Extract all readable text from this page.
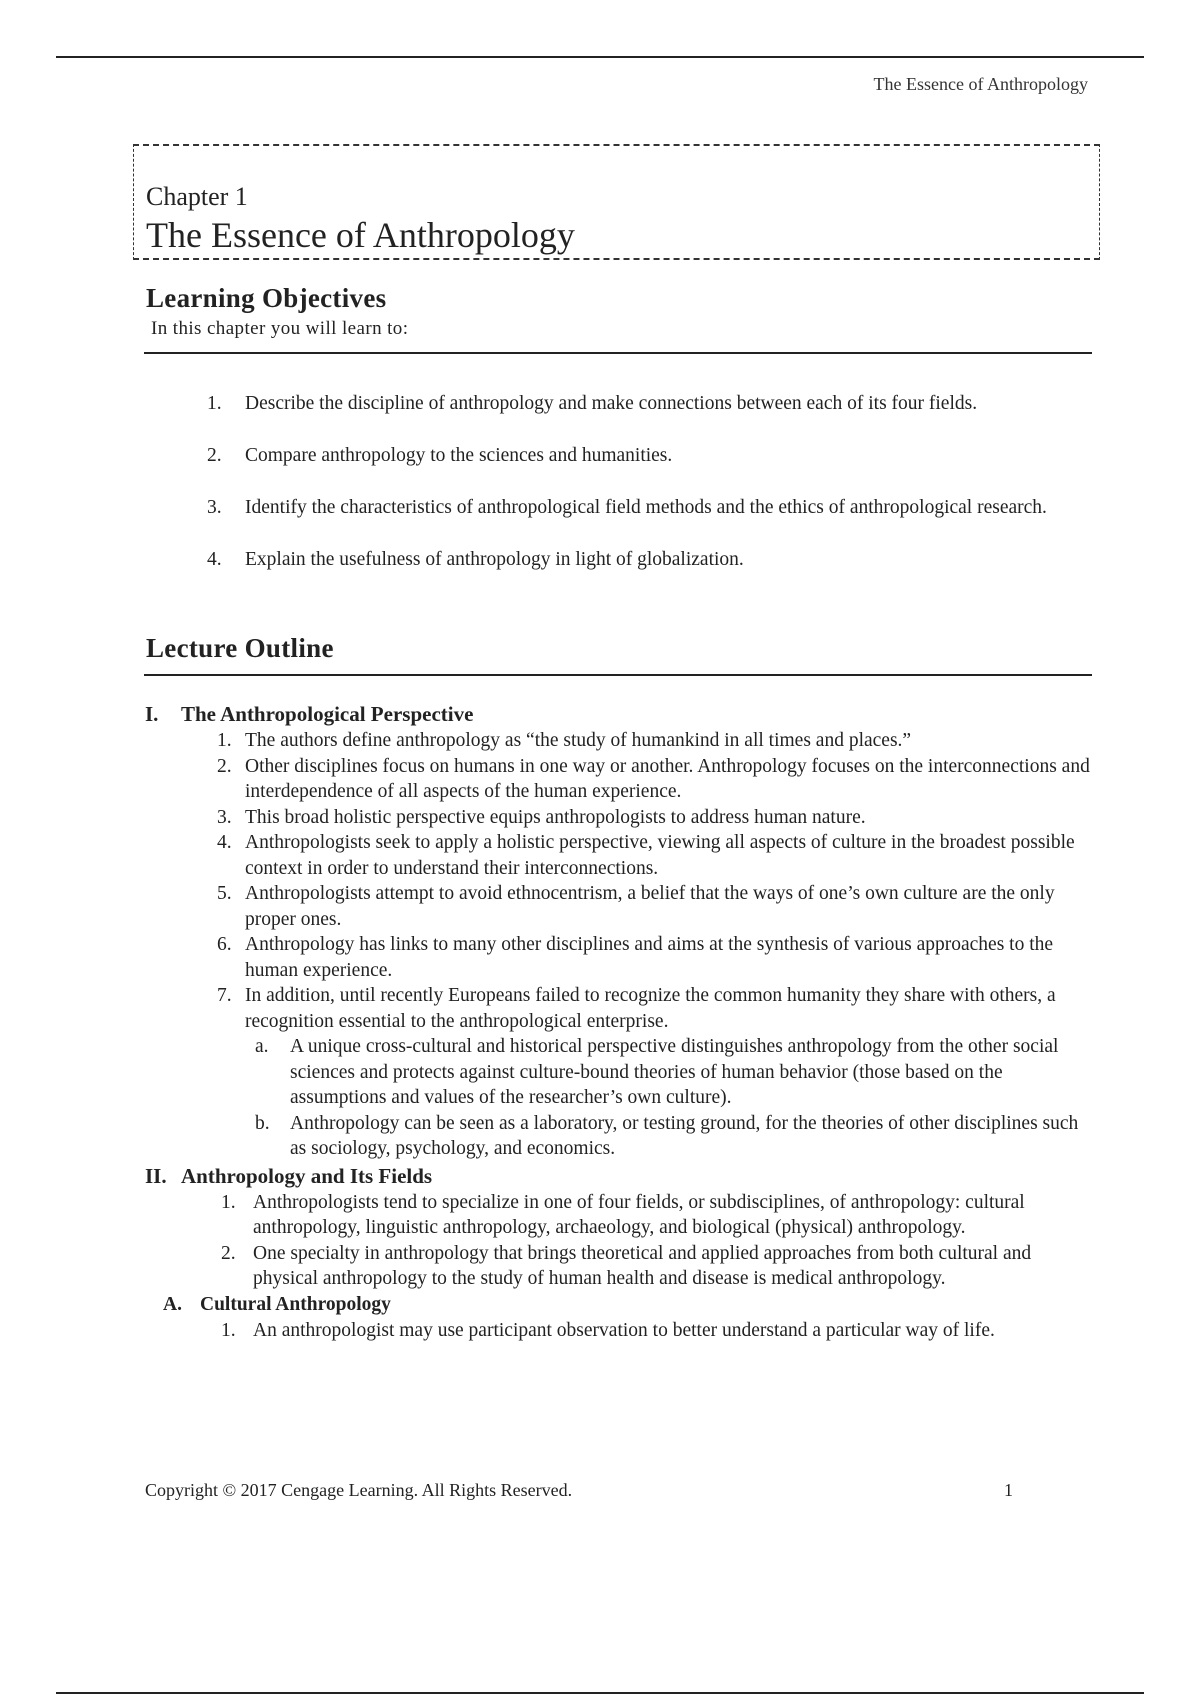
The Essence of Anthropology
Chapter 1
The Essence of Anthropology
Learning Objectives
In this chapter you will learn to:
1. Describe the discipline of anthropology and make connections between each of its four fields.
2. Compare anthropology to the sciences and humanities.
3. Identify the characteristics of anthropological field methods and the ethics of anthropological research.
4. Explain the usefulness of anthropology in light of globalization.
Lecture Outline
I. The Anthropological Perspective
1. The authors define anthropology as “the study of humankind in all times and places.”
2. Other disciplines focus on humans in one way or another. Anthropology focuses on the interconnections and interdependence of all aspects of the human experience.
3. This broad holistic perspective equips anthropologists to address human nature.
4. Anthropologists seek to apply a holistic perspective, viewing all aspects of culture in the broadest possible context in order to understand their interconnections.
5. Anthropologists attempt to avoid ethnocentrism, a belief that the ways of one’s own culture are the only proper ones.
6. Anthropology has links to many other disciplines and aims at the synthesis of various approaches to the human experience.
7. In addition, until recently Europeans failed to recognize the common humanity they share with others, a recognition essential to the anthropological enterprise.
a. A unique cross-cultural and historical perspective distinguishes anthropology from the other social sciences and protects against culture-bound theories of human behavior (those based on the assumptions and values of the researcher’s own culture).
b. Anthropology can be seen as a laboratory, or testing ground, for the theories of other disciplines such as sociology, psychology, and economics.
II. Anthropology and Its Fields
1. Anthropologists tend to specialize in one of four fields, or subdisciplines, of anthropology: cultural anthropology, linguistic anthropology, archaeology, and biological (physical) anthropology.
2. One specialty in anthropology that brings theoretical and applied approaches from both cultural and physical anthropology to the study of human health and disease is medical anthropology.
A. Cultural Anthropology
1. An anthropologist may use participant observation to better understand a particular way of life.
Copyright © 2017 Cengage Learning. All Rights Reserved.	1
